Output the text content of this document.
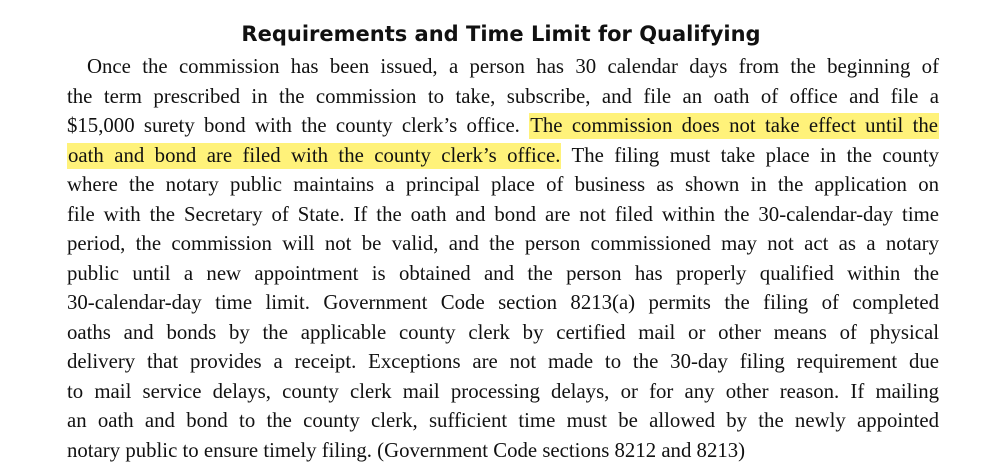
Requirements and Time Limit for Qualifying
Once the commission has been issued, a person has 30 calendar days from the beginning of
the term prescribed in the commission to take, subscribe, and file an oath of office and file a
$15,000 surety bond with the county clerk’s office. The commission does not take effect until the
oath and bond are filed with the county clerk’s office. The filing must take place in the county
where the notary public maintains a principal place of business as shown in the application on
file with the Secretary of State. If the oath and bond are not filed within the 30-calendar-day time
period, the commission will not be valid, and the person commissioned may not act as a notary
public until a new appointment is obtained and the person has properly qualified within the
30-calendar-day time limit. Government Code section 8213(a) permits the filing of completed
oaths and bonds by the applicable county clerk by certified mail or other means of physical
delivery that provides a receipt. Exceptions are not made to the 30-day filing requirement due
to mail service delays, county clerk mail processing delays, or for any other reason. If mailing
an oath and bond to the county clerk, sufficient time must be allowed by the newly appointed
notary public to ensure timely filing. (Government Code sections 8212 and 8213)
